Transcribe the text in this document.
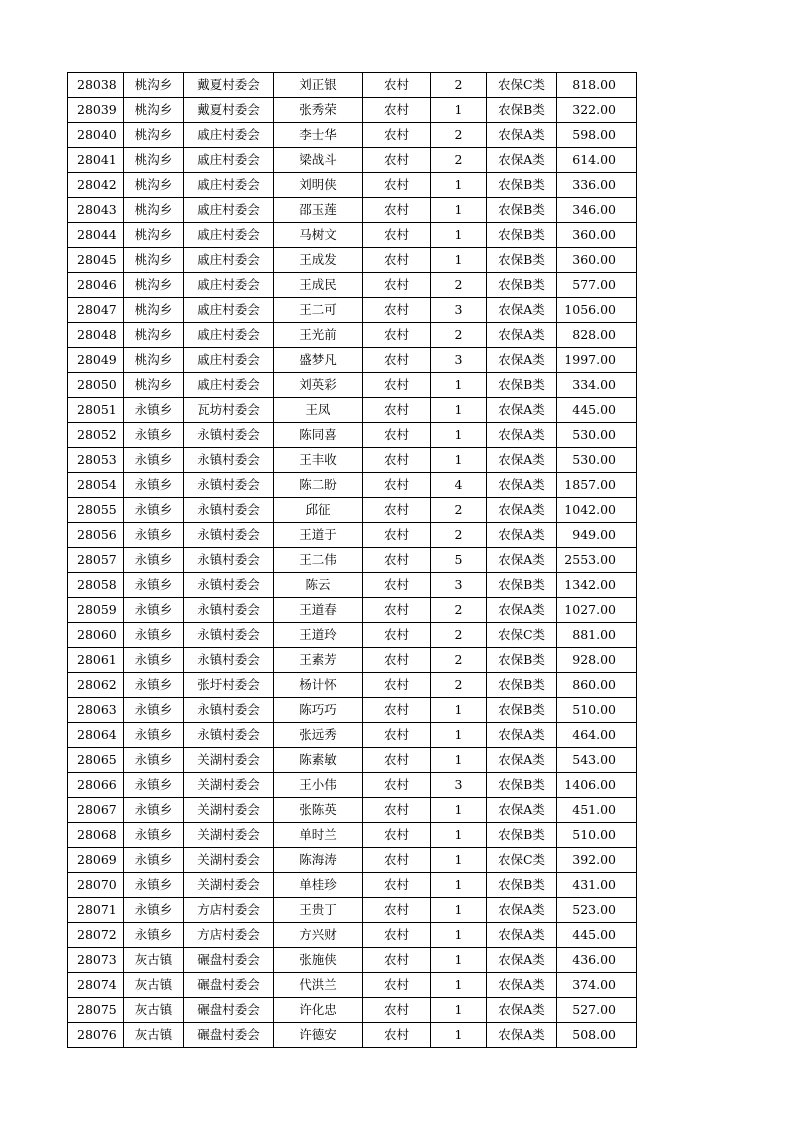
28038	桃沟乡	戴夏村委会	刘正银	农村	2	农保C类	818.00
28039	桃沟乡	戴夏村委会	张秀荣	农村	1	农保B类	322.00
28040	桃沟乡	戚庄村委会	李士华	农村	2	农保A类	598.00
28041	桃沟乡	戚庄村委会	梁战斗	农村	2	农保A类	614.00
28042	桃沟乡	戚庄村委会	刘明侠	农村	1	农保B类	336.00
28043	桃沟乡	戚庄村委会	邵玉莲	农村	1	农保B类	346.00
28044	桃沟乡	戚庄村委会	马树文	农村	1	农保B类	360.00
28045	桃沟乡	戚庄村委会	王成发	农村	1	农保B类	360.00
28046	桃沟乡	戚庄村委会	王成民	农村	2	农保B类	577.00
28047	桃沟乡	戚庄村委会	王二可	农村	3	农保A类	1056.00
28048	桃沟乡	戚庄村委会	王光前	农村	2	农保A类	828.00
28049	桃沟乡	戚庄村委会	盛梦凡	农村	3	农保A类	1997.00
28050	桃沟乡	戚庄村委会	刘英彩	农村	1	农保B类	334.00
28051	永镇乡	瓦坊村委会	王凤	农村	1	农保A类	445.00
28052	永镇乡	永镇村委会	陈同喜	农村	1	农保A类	530.00
28053	永镇乡	永镇村委会	王丰收	农村	1	农保A类	530.00
28054	永镇乡	永镇村委会	陈二盼	农村	4	农保A类	1857.00
28055	永镇乡	永镇村委会	邱征	农村	2	农保A类	1042.00
28056	永镇乡	永镇村委会	王道于	农村	2	农保A类	949.00
28057	永镇乡	永镇村委会	王二伟	农村	5	农保A类	2553.00
28058	永镇乡	永镇村委会	陈云	农村	3	农保B类	1342.00
28059	永镇乡	永镇村委会	王道春	农村	2	农保A类	1027.00
28060	永镇乡	永镇村委会	王道玲	农村	2	农保C类	881.00
28061	永镇乡	永镇村委会	王素芳	农村	2	农保B类	928.00
28062	永镇乡	张圩村委会	杨计怀	农村	2	农保B类	860.00
28063	永镇乡	永镇村委会	陈巧巧	农村	1	农保B类	510.00
28064	永镇乡	永镇村委会	张远秀	农村	1	农保A类	464.00
28065	永镇乡	关湖村委会	陈素敏	农村	1	农保A类	543.00
28066	永镇乡	关湖村委会	王小伟	农村	3	农保B类	1406.00
28067	永镇乡	关湖村委会	张陈英	农村	1	农保A类	451.00
28068	永镇乡	关湖村委会	单时兰	农村	1	农保B类	510.00
28069	永镇乡	关湖村委会	陈海涛	农村	1	农保C类	392.00
28070	永镇乡	关湖村委会	单桂珍	农村	1	农保B类	431.00
28071	永镇乡	方店村委会	王贵丁	农村	1	农保A类	523.00
28072	永镇乡	方店村委会	方兴财	农村	1	农保A类	445.00
28073	灰古镇	碾盘村委会	张施侠	农村	1	农保A类	436.00
28074	灰古镇	碾盘村委会	代洪兰	农村	1	农保A类	374.00
28075	灰古镇	碾盘村委会	许化忠	农村	1	农保A类	527.00
28076	灰古镇	碾盘村委会	许德安	农村	1	农保A类	508.00
